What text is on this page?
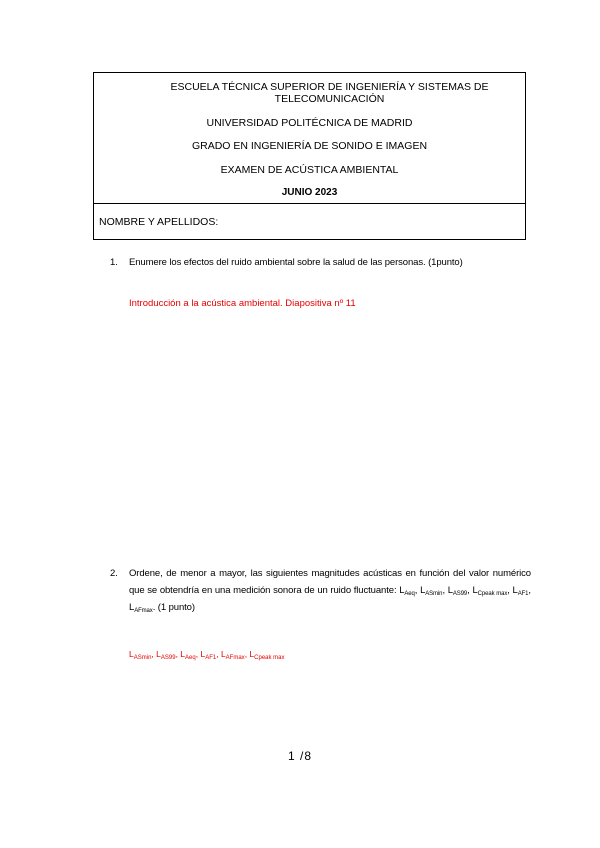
ESCUELA TÉCNICA SUPERIOR DE INGENIERÍA Y SISTEMAS DE TELECOMUNICACIÓN
UNIVERSIDAD POLITÉCNICA DE MADRID
GRADO EN INGENIERÍA DE SONIDO E IMAGEN
EXAMEN DE ACÚSTICA AMBIENTAL
JUNIO 2023
NOMBRE Y APELLIDOS:
1. Enumere los efectos del ruido ambiental sobre la salud de las personas. (1punto)
Introducción a la acústica ambiental. Diapositiva nº 11
2. Ordene, de menor a mayor, las siguientes magnitudes acústicas en función del valor numérico que se obtendría en una medición sonora de un ruido fluctuante: $L_{Aeq}$, $L_{ASmin}$, $L_{AS99}$, $L_{Cpeak max}$, $L_{AF1}$, $L_{AFmax}$. (1 punto)
$L_{ASmin}$, $L_{AS99}$, $L_{Aeq}$, $L_{AF1}$, $L_{AFmax}$, $L_{Cpeak max}$
1 /8
